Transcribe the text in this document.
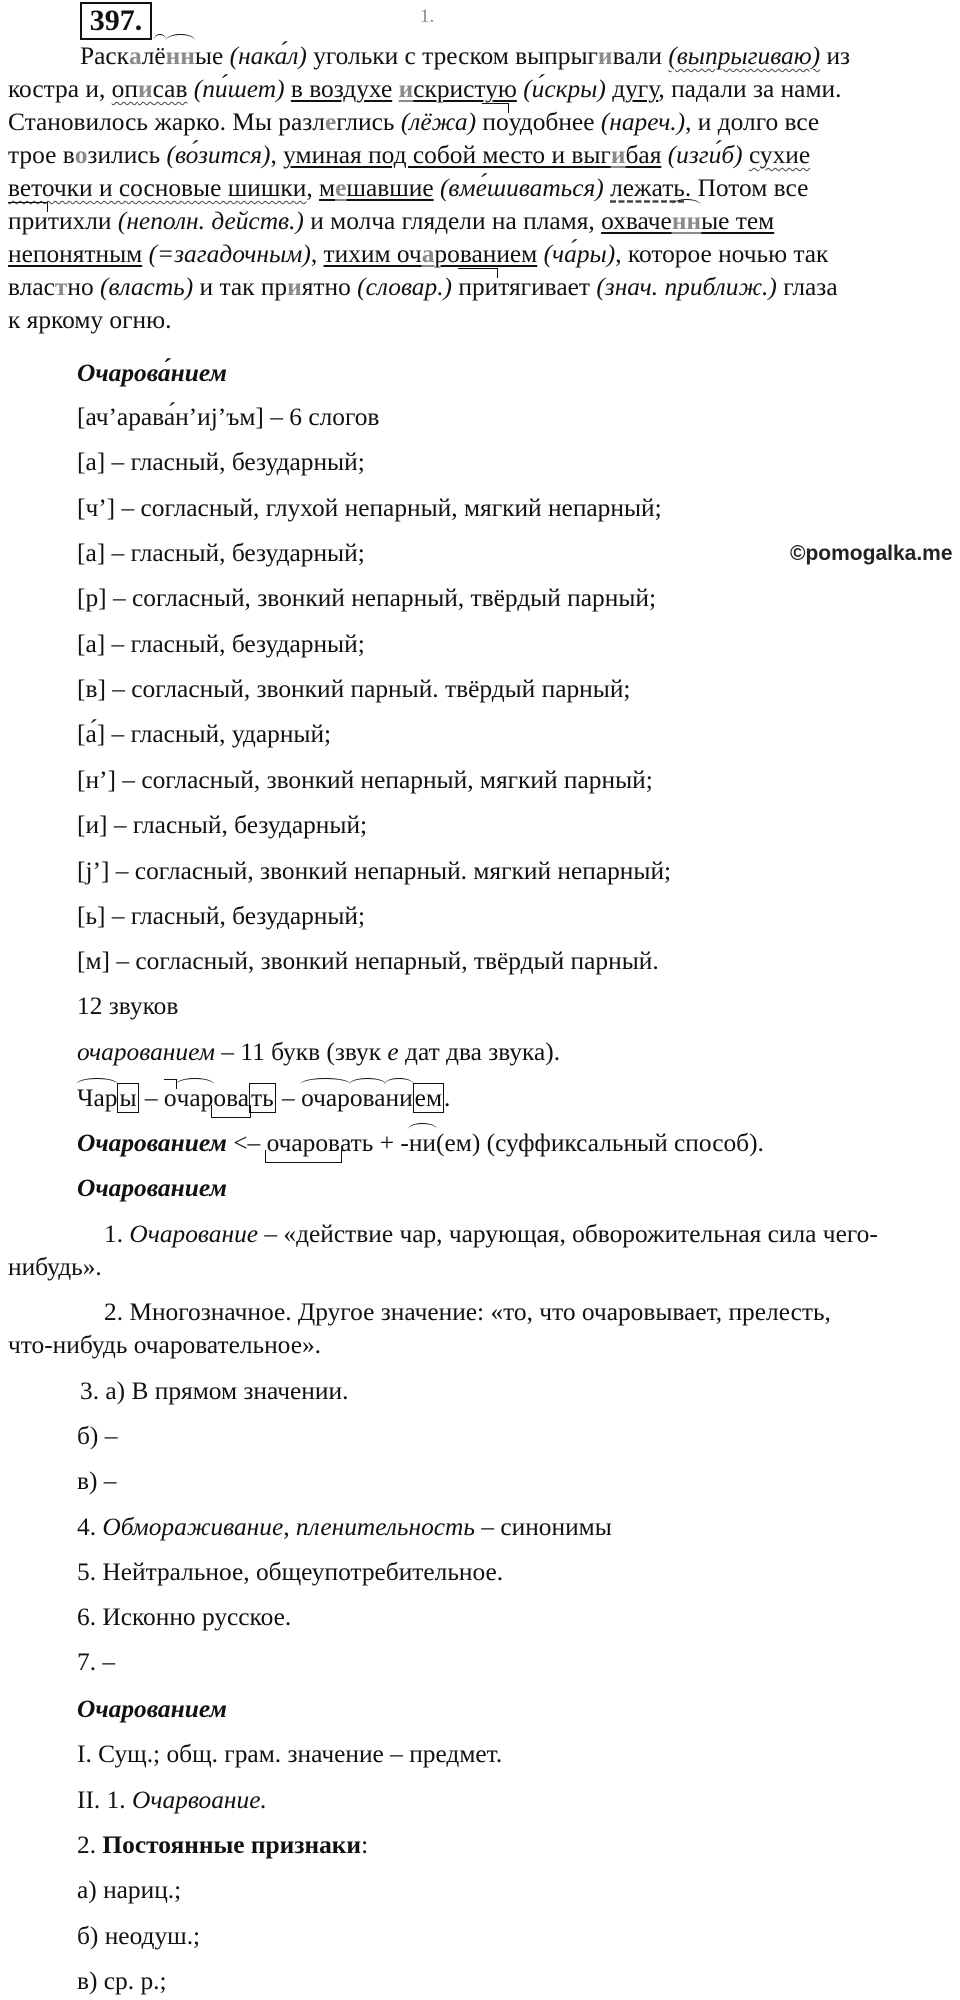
397.	1.
Раскалённые (нака́л) угольки с треском выпрыгивали (выпрыгиваю) из
костра и, описав (пи́шет) в воздухе искристую (и́скры) дугу, падали за нами.
Становилось жарко. Мы разлеглись (лёжа) поудобнее (нареч.), и долго все
трое возились (во́зится), уминая под собой место и выгибая (изги́б) сухие
веточки и сосновые шишки, мешавшие (вме́шиваться) лежать. Потом все
притихли (неполн. действ.) и молча глядели на пламя, охваченные тем
непонятным (=загадочным), тихим очарованием (ча́ры), которое ночью так
властно (власть) и так приятно (словар.) притягивает (знач. приближ.) глаза
к яркому огню.
Очарова́нием
[ач’арава́н’иj’ъм] – 6 слогов
[а] – гласный, безударный;
[ч’] – согласный, глухой непарный, мягкий непарный;
[а] – гласный, безударный;	©pomogalka.me
[р] – согласный, звонкий непарный, твёрдый парный;
[а] – гласный, безударный;
[в] – согласный, звонкий парный. твёрдый парный;
[а́] – гласный, ударный;
[н’] – согласный, звонкий непарный, мягкий парный;
[и] – гласный, безударный;
[j’] – согласный, звонкий непарный. мягкий непарный;
[ь] – гласный, безударный;
[м] – согласный, звонкий непарный, твёрдый парный.
12 звуков
очарованием – 11 букв (звук е дат два звука).
Чары – очаровать – очарованием.
Очарованием <– очаровать + -ни(ем) (суффиксальный способ).
Очарованием
1. Очарование – «действие чар, чарующая, обворожительная сила чего-
нибудь».
2. Многозначное. Другое значение: «то, что очаровывает, прелесть,
что-нибудь очаровательное».
3. а) В прямом значении.
б) –
в) –
4. Обмораживание, пленительность – синонимы
5. Нейтральное, общеупотребительное.
6. Исконно русское.
7. –
Очарованием
I. Сущ.; общ. грам. значение – предмет.
II. 1. Очарвоание.
2. Постоянные признаки:
а) нариц.;
б) неодуш.;
в) ср. р.;
